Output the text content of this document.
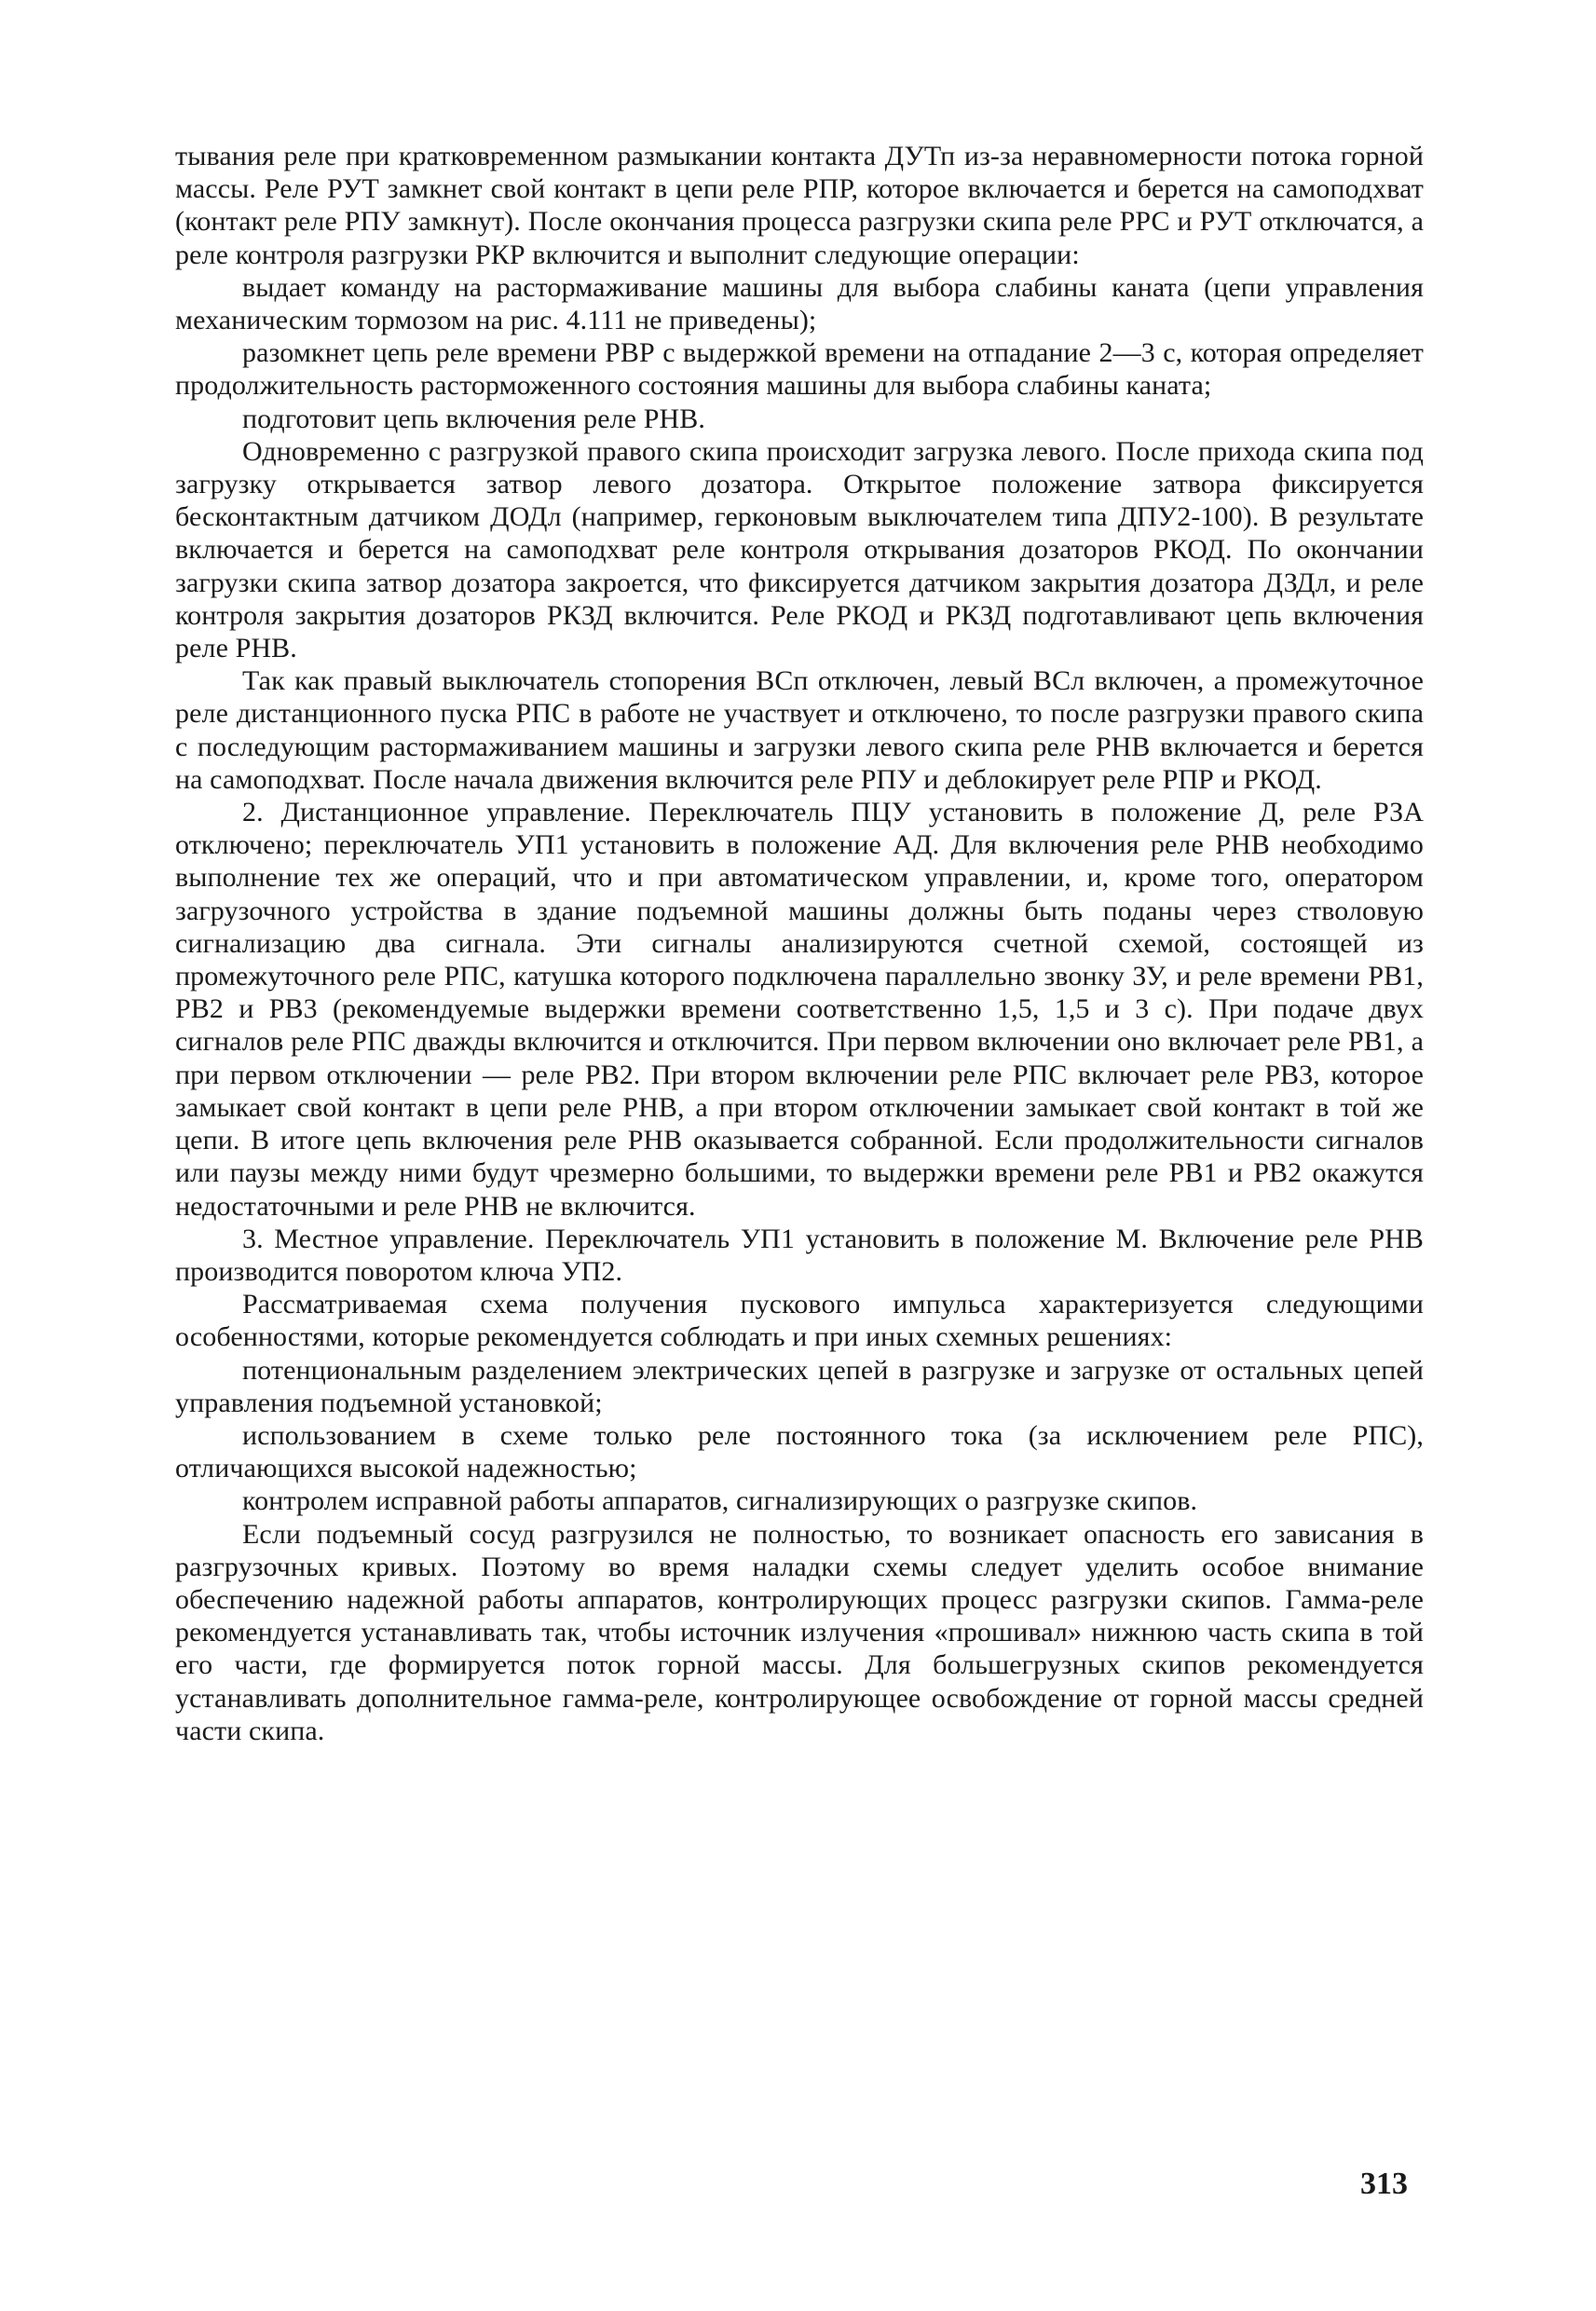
тывания реле при кратковременном размыкании контакта ДУТп из-за неравномерности потока горной массы. Реле РУТ замкнет свой контакт в цепи реле РПР, которое включается и берется на самоподхват (контакт реле РПУ замкнут). После окончания процесса разгрузки скипа реле РРС и РУТ отключатся, а реле контроля разгрузки РКР включится и выполнит следующие операции:

выдает команду на растормаживание машины для выбора слабины каната (цепи управления механическим тормозом на рис. 4.111 не приведены);

разомкнет цепь реле времени РВР с выдержкой времени на отпадание 2—3 с, которая определяет продолжительность расторможенного состояния машины для выбора слабины каната;

подготовит цепь включения реле РНВ.

Одновременно с разгрузкой правого скипа происходит загрузка левого. После прихода скипа под загрузку открывается затвор левого дозатора. Открытое положение затвора фиксируется бесконтактным датчиком ДОДл (например, герконовым выключателем типа ДПУ2-100). В результате включается и берется на самоподхват реле контроля открывания дозаторов РКОД. По окончании загрузки скипа затвор дозатора закроется, что фиксируется датчиком закрытия дозатора ДЗДл, и реле контроля закрытия дозаторов РКЗД включится. Реле РКОД и РКЗД подготавливают цепь включения реле РНВ.

Так как правый выключатель стопорения ВСп отключен, левый ВСл включен, а промежуточное реле дистанционного пуска РПС в работе не участвует и отключено, то после разгрузки правого скипа с последующим растормаживанием машины и загрузки левого скипа реле РНВ включается и берется на самоподхват. После начала движения включится реле РПУ и деблокирует реле РПР и РКОД.

2. Дистанционное управление. Переключатель ПЦУ установить в положение Д, реле РЗА отключено; переключатель УП1 установить в положение АД. Для включения реле РНВ необходимо выполнение тех же операций, что и при автоматическом управлении, и, кроме того, оператором загрузочного устройства в здание подъемной машины должны быть поданы через стволовую сигнализацию два сигнала. Эти сигналы анализируются счетной схемой, состоящей из промежуточного реле РПС, катушка которого подключена параллельно звонку ЗУ, и реле времени РВ1, РВ2 и РВ3 (рекомендуемые выдержки времени соответственно 1,5, 1,5 и 3 с). При подаче двух сигналов реле РПС дважды включится и отключится. При первом включении оно включает реле РВ1, а при первом отключении — реле РВ2. При втором включении реле РПС включает реле РВ3, которое замыкает свой контакт в цепи реле РНВ, а при втором отключении замыкает свой контакт в той же цепи. В итоге цепь включения реле РНВ оказывается собранной. Если продолжительности сигналов или паузы между ними будут чрезмерно большими, то выдержки времени реле РВ1 и РВ2 окажутся недостаточными и реле РНВ не включится.

3. Местное управление. Переключатель УП1 установить в положение М. Включение реле РНВ производится поворотом ключа УП2.

Рассматриваемая схема получения пускового импульса характеризуется следующими особенностями, которые рекомендуется соблюдать и при иных схемных решениях:

потенциональным разделением электрических цепей в разгрузке и загрузке от остальных цепей управления подъемной установкой;

использованием в схеме только реле постоянного тока (за исключением реле РПС), отличающихся высокой надежностью;

контролем исправной работы аппаратов, сигнализирующих о разгрузке скипов.

Если подъемный сосуд разгрузился не полностью, то возникает опасность его зависания в разгрузочных кривых. Поэтому во время наладки схемы следует уделить особое внимание обеспечению надежной работы аппаратов, контролирующих процесс разгрузки скипов. Гамма-реле рекомендуется устанавливать так, чтобы источник излучения «прошивал» нижнюю часть скипа в той его части, где формируется поток горной массы. Для большегрузных скипов рекомендуется устанавливать дополнительное гамма-реле, контролирующее освобождение от горной массы средней части скипа.

313
